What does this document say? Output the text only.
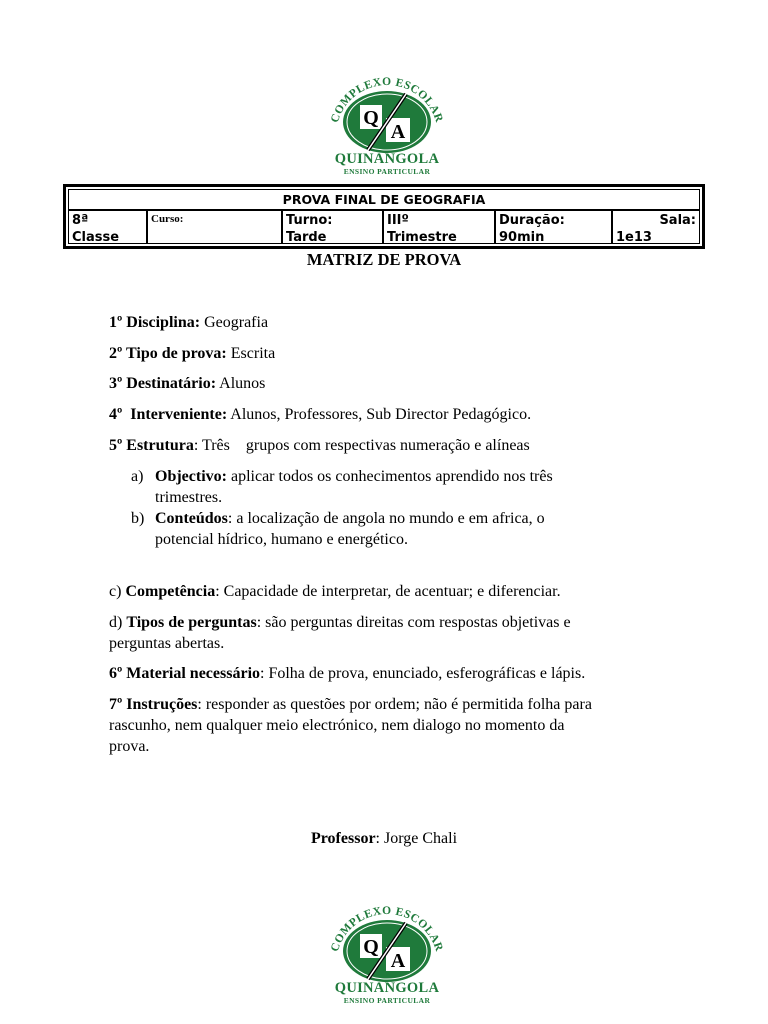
COMPLEXO ESCOLAR
Q
A
QUINANGOLA
ENSINO PARTICULAR
PROVA FINAL DE GEOGRAFIA
8ª
Classe
Curso:	Turno:
Tarde
IIIº
Trimestre
Duração:
90min
Sala:
1e13
MATRIZ DE PROVA
1º Disciplina: Geografia
2º Tipo de prova: Escrita
3º Destinatário: Alunos
4º  Interveniente: Alunos, Professores, Sub Director Pedagógico.
5º Estrutura: Três    grupos com respectivas numeração e alíneas
a) Objectivo: aplicar todos os conhecimentos aprendido nos três
trimestres.
b) Conteúdos: a localização de angola no mundo e em africa, o
potencial hídrico, humano e energético.
c) Competência: Capacidade de interpretar, de acentuar; e diferenciar.
d) Tipos de perguntas: são perguntas direitas com respostas objetivas e
perguntas abertas.
6º Material necessário: Folha de prova, enunciado, esferográficas e lápis.
7º Instruções: responder as questões por ordem; não é permitida folha para
rascunho, nem qualquer meio electrónico, nem dialogo no momento da
prova.
Professor: Jorge Chali
COMPLEXO ESCOLAR
Q
A
QUINANGOLA
ENSINO PARTICULAR
